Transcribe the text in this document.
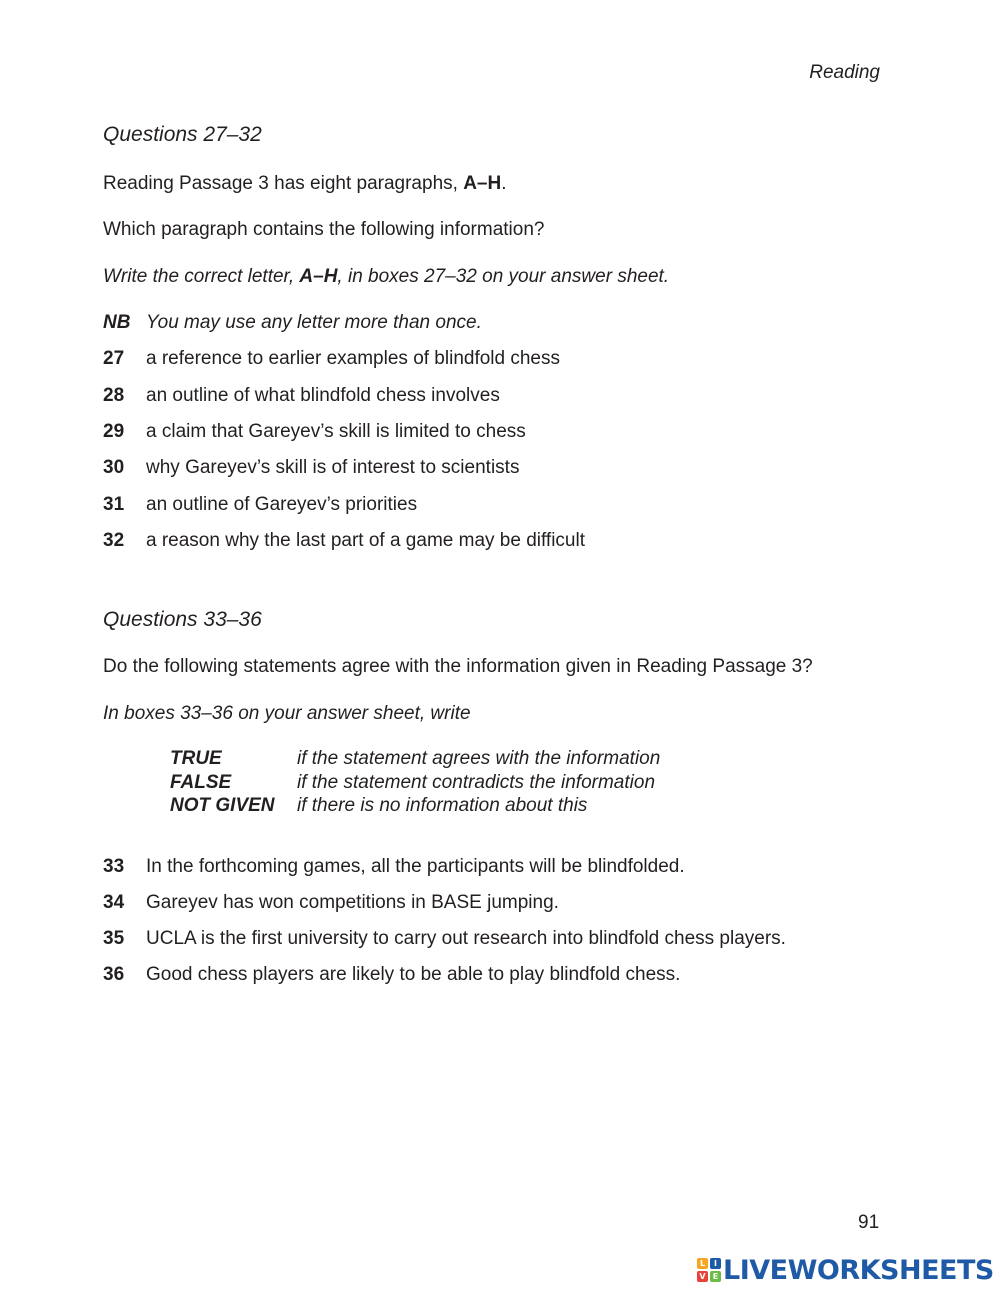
Reading
Questions 27–32
Reading Passage 3 has eight paragraphs, A–H.
Which paragraph contains the following information?
Write the correct letter, A–H, in boxes 27–32 on your answer sheet.
NB You may use any letter more than once.
27 a reference to earlier examples of blindfold chess
28 an outline of what blindfold chess involves
29 a claim that Gareyev’s skill is limited to chess
30 why Gareyev’s skill is of interest to scientists
31 an outline of Gareyev’s priorities
32 a reason why the last part of a game may be difficult
Questions 33–36
Do the following statements agree with the information given in Reading Passage 3?
In boxes 33–36 on your answer sheet, write
TRUE	if the statement agrees with the information
FALSE	if the statement contradicts the information
NOT GIVEN if there is no information about this
33 In the forthcoming games, all the participants will be blindfolded.
34 Gareyev has won competitions in BASE jumping.
35 UCLA is the first university to carry out research into blindfold chess players.
36 Good chess players are likely to be able to play blindfold chess.
91
L	I
V E LIVEWORKSHEETS
